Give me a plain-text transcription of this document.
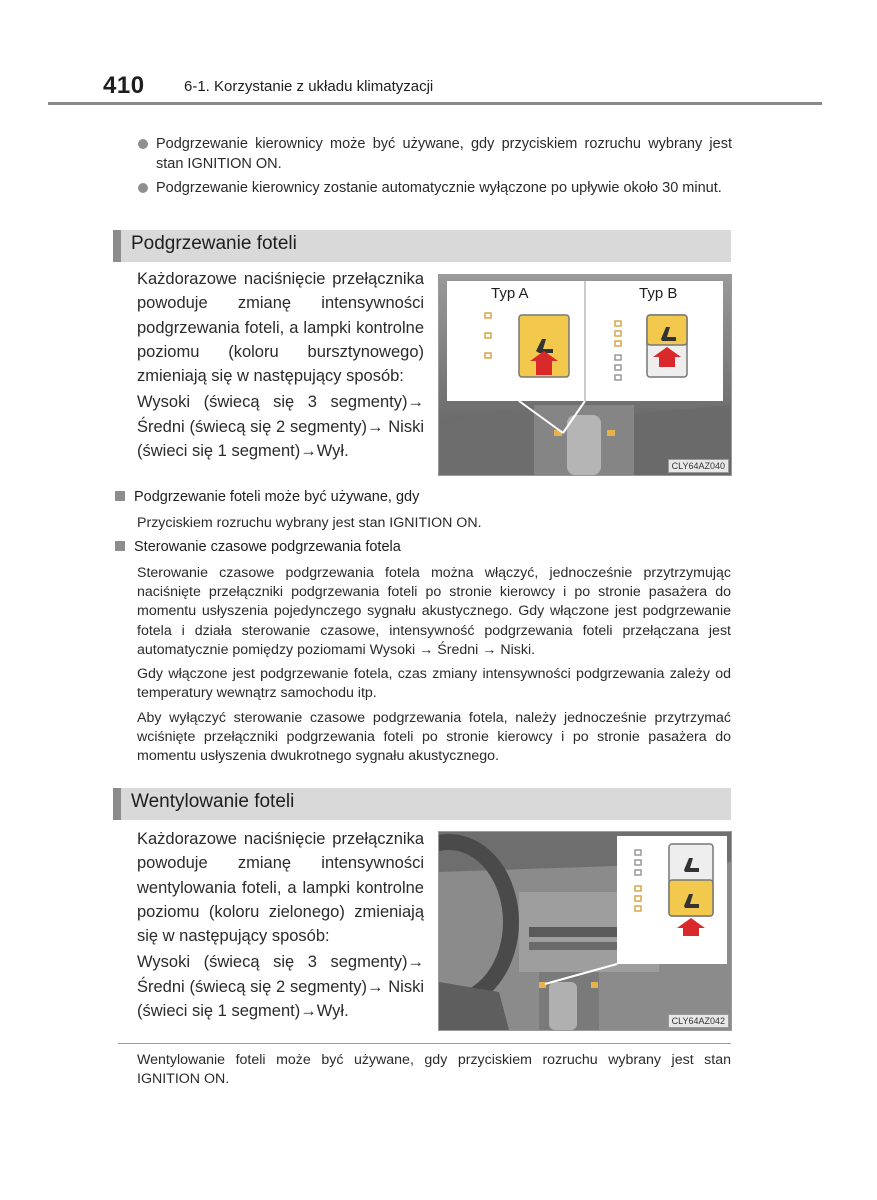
410	6-1. Korzystanie z układu klimatyzacji
Podgrzewanie kierownicy może być używane, gdy przyciskiem rozruchu wybrany jest stan IGNITION ON.
Podgrzewanie kierownicy zostanie automatycznie wyłączone po upływie około 30 minut.
Podgrzewanie foteli

Każdorazowe naciśnięcie przełącznika powoduje zmianę intensywności podgrzewania foteli, a lampki kontrolne poziomu (koloru bursztynowego) zmieniają się w następujący sposób:

Wysoki (świecą się 3 segmenty)→ Średni (świecą się 2 segmenty)→ Niski (świeci się 1 segment)→Wył.

Typ A	Typ B
CLY64AZ040
Podgrzewanie foteli może być używane, gdy
Przyciskiem rozruchu wybrany jest stan IGNITION ON.
Sterowanie czasowe podgrzewania fotela
Sterowanie czasowe podgrzewania fotela można włączyć, jednocześnie przytrzymując naciśnięte przełączniki podgrzewania foteli po stronie kierowcy i po stronie pasażera do momentu usłyszenia pojedynczego sygnału akustycznego. Gdy włączone jest podgrzewanie fotela i działa sterowanie czasowe, intensywność podgrzewania foteli przełączana jest automatycznie pomiędzy poziomami Wysoki → Średni → Niski.
Gdy włączone jest podgrzewanie fotela, czas zmiany intensywności podgrzewania zależy od temperatury wewnątrz samochodu itp.
Aby wyłączyć sterowanie czasowe podgrzewania fotela, należy jednocześnie przytrzymać wciśnięte przełączniki podgrzewania foteli po stronie kierowcy i po stronie pasażera do momentu usłyszenia dwukrotnego sygnału akustycznego.
Wentylowanie foteli

Każdorazowe naciśnięcie przełącznika powoduje zmianę intensywności wentylowania foteli, a lampki kontrolne poziomu (koloru zielonego) zmieniają się w następujący sposób:

Wysoki (świecą się 3 segmenty)→ Średni (świecą się 2 segmenty)→ Niski (świeci się 1 segment)→Wył.

CLY64AZ042
Wentylowanie foteli może być używane, gdy przyciskiem rozruchu wybrany jest stan IGNITION ON.
